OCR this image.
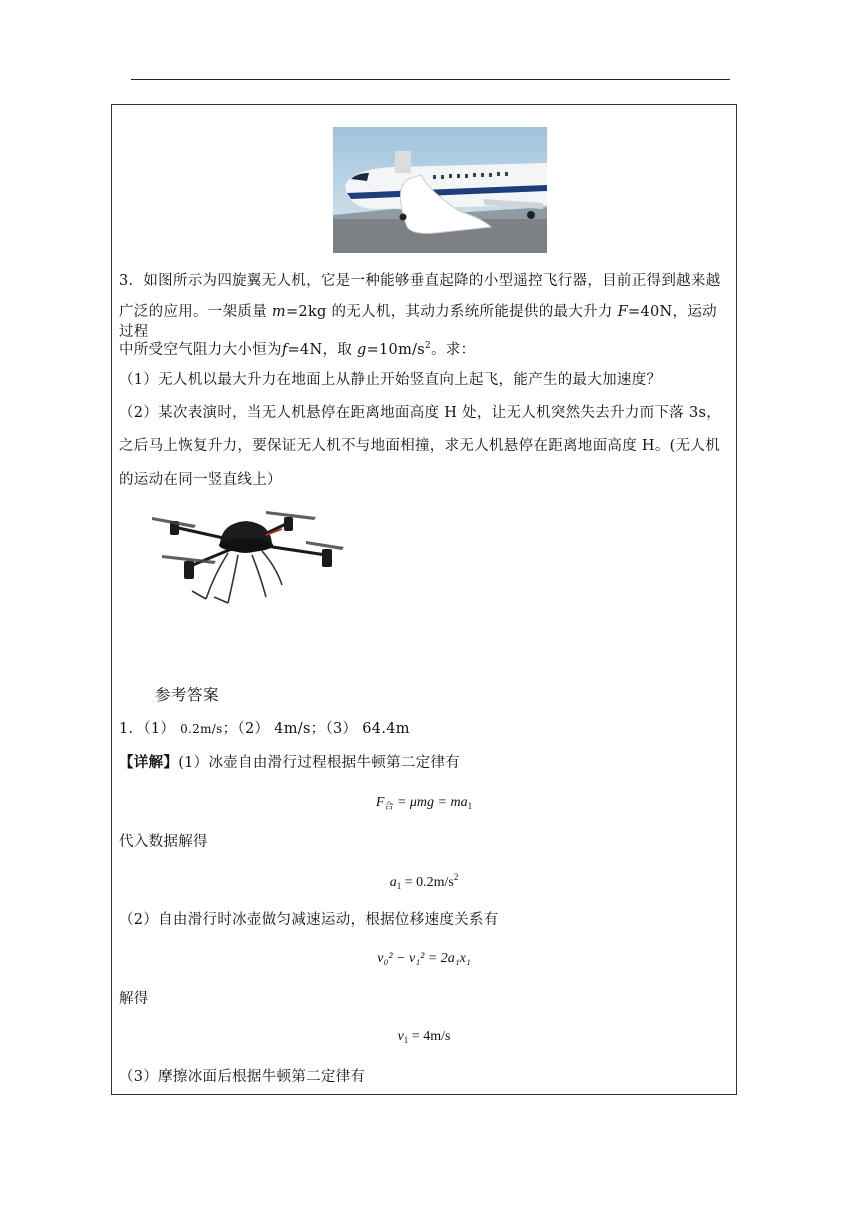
3．如图所示为四旋翼无人机，它是一种能够垂直起降的小型遥控飞行器，目前正得到越来越
广泛的应用。一架质量 m=2kg 的无人机，其动力系统所能提供的最大升力 F=40N，运动过程
中所受空气阻力大小恒为f=4N，取 $g=10m/s^2$。求：
（1）无人机以最大升力在地面上从静止开始竖直向上起飞，能产生的最大加速度？
（2）某次表演时，当无人机悬停在距离地面高度 H 处，让无人机突然失去升力而下落 3s，
之后马上恢复升力，要保证无人机不与地面相撞，求无人机悬停在距离地面高度 H。(无人机
的运动在同一竖直线上）
参考答案
1．（1） 0.2m/s；（2） 4m/s；（3） 64.4m
【详解】(1）冰壶自由滑行过程根据牛顿第二定律有
$F_合 = \mu mg = ma_1$
代入数据解得
$a_1 = 0.2m/s^2$
（2）自由滑行时冰壶做匀减速运动，根据位移速度关系有
v₀² − v₁² = 2a₁x₁
解得
$v_1 = 4m/s$
（3）摩擦冰面后根据牛顿第二定律有
